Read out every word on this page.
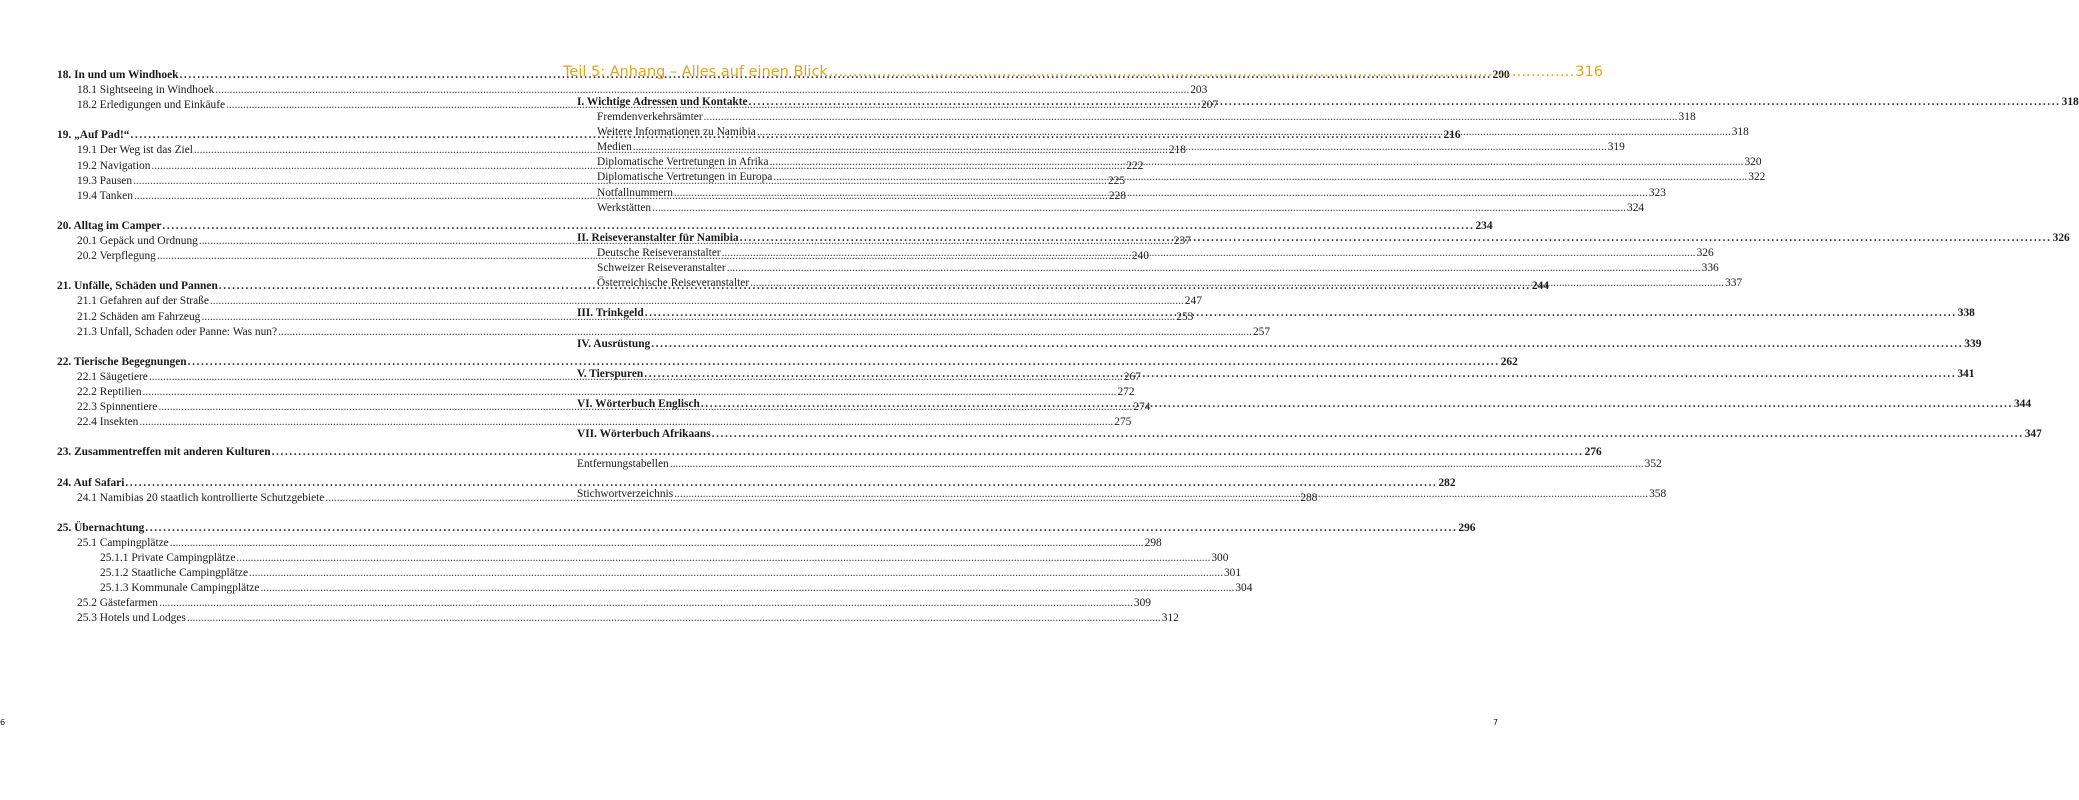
18. In und um Windhoek .....	200
18.1 Sightseeing in Windhoek .....	203
18.2 Erledigungen und Einkäufe .....	207
19. „Auf Pad!“ .....	216
19.1 Der Weg ist das Ziel .....	218
19.2 Navigation .....	222
19.3 Pausen .....	225
19.4 Tanken .....	228
20. Alltag im Camper .....	234
20.1 Gepäck und Ordnung .....	237
20.2 Verpflegung .....	240
21. Unfälle, Schäden und Pannen .....	244
21.1 Gefahren auf der Straße .....	247
21.2 Schäden am Fahrzeug .....	253
21.3 Unfall, Schaden oder Panne: Was nun? .....	257
22. Tierische Begegnungen .....	262
22.1 Säugetiere .....	267
22.2 Reptilien .....	272
22.3 Spinnentiere .....	274
22.4 Insekten .....	275
23. Zusammentreffen mit anderen Kulturen .....	276
24. Auf Safari .....	282
24.1 Namibias 20 staatlich kontrollierte Schutzgebiete .....	288
25. Übernachtung .....	296
25.1 Campingplätze .....	298
25.1.1 Private Campingplätze .....	300
25.1.2 Staatliche Campingplätze .....	301
25.1.3 Kommunale Campingplätze .....	304
25.2 Gästefarmen .....	309
25.3 Hotels und Lodges .....	312
6
Teil 5: Anhang – Alles auf einen Blick .....	316
I. Wichtige Adressen und Kontakte .....	318
Fremdenverkehrsämter .....	318
Weitere Informationen zu Namibia .....	318
Medien .....	319
Diplomatische Vertretungen in Afrika .....	320
Diplomatische Vertretungen in Europa .....	322
Notfallnummern .....	323
Werkstätten .....	324
II. Reiseveranstalter für Namibia .....	326
Deutsche Reiseveranstalter .....	326
Schweizer Reiseveranstalter .....	336
Österreichische Reiseveranstalter .....	337
III. Trinkgeld .....	338
IV. Ausrüstung .....	339
V. Tierspuren .....	341
VI. Wörterbuch Englisch .....	344
VII. Wörterbuch Afrikaans .....	347
Entfernungstabellen .....	352
Stichwortverzeichnis .....	358
7
